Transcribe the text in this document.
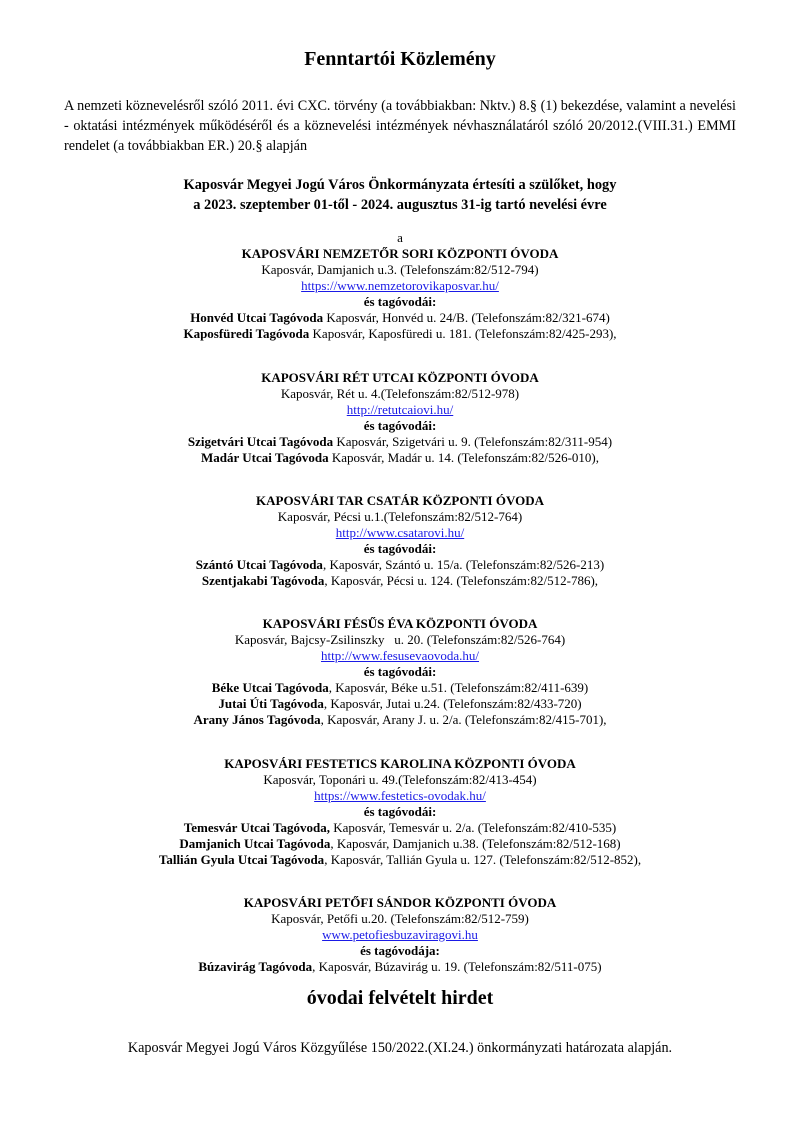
Fenntartói Közlemény

A nemzeti köznevelésről szóló 2011. évi CXC. törvény (a továbbiakban: Nktv.) 8.§ (1) bekezdése, valamint a nevelési - oktatási intézmények működéséről és a köznevelési intézmények névhasználatáról szóló 20/2012.(VIII.31.) EMMI rendelet (a továbbiakban ER.) 20.§ alapján

Kaposvár Megyei Jogú Város Önkormányzata értesíti a szülőket, hogy
a 2023. szeptember 01-től - 2024. augusztus 31-ig tartó nevelési évre
a
KAPOSVÁRI NEMZETŐR SORI KÖZPONTI ÓVODA
Kaposvár, Damjanich u.3. (Telefonszám:82/512-794)
https://www.nemzetorovikaposvar.hu/
és tagóvodái:
Honvéd Utcai Tagóvoda Kaposvár, Honvéd u. 24/B. (Telefonszám:82/321-674)
Kaposfüredi Tagóvoda Kaposvár, Kaposfüredi u. 181. (Telefonszám:82/425-293),
KAPOSVÁRI RÉT UTCAI KÖZPONTI ÓVODA
Kaposvár, Rét u. 4.(Telefonszám:82/512-978)
http://retutcaiovi.hu/
és tagóvodái:
Szigetvári Utcai Tagóvoda Kaposvár, Szigetvári u. 9. (Telefonszám:82/311-954)
Madár Utcai Tagóvoda Kaposvár, Madár u. 14. (Telefonszám:82/526-010),
KAPOSVÁRI TAR CSATÁR KÖZPONTI ÓVODA
Kaposvár, Pécsi u.1.(Telefonszám:82/512-764)
http://www.csatarovi.hu/
és tagóvodái:
Szántó Utcai Tagóvoda, Kaposvár, Szántó u. 15/a. (Telefonszám:82/526-213)
Szentjakabi Tagóvoda, Kaposvár, Pécsi u. 124. (Telefonszám:82/512-786),
KAPOSVÁRI FÉSŰS ÉVA KÖZPONTI ÓVODA
Kaposvár, Bajcsy-Zsilinszky   u. 20. (Telefonszám:82/526-764)
http://www.fesusevaovoda.hu/
és tagóvodái:
Béke Utcai Tagóvoda, Kaposvár, Béke u.51. (Telefonszám:82/411-639)
Jutai Úti Tagóvoda, Kaposvár, Jutai u.24. (Telefonszám:82/433-720)
Arany János Tagóvoda, Kaposvár, Arany J. u. 2/a. (Telefonszám:82/415-701),
KAPOSVÁRI FESTETICS KAROLINA KÖZPONTI ÓVODA
Kaposvár, Toponári u. 49.(Telefonszám:82/413-454)
https://www.festetics-ovodak.hu/
és tagóvodái:
Temesvár Utcai Tagóvoda, Kaposvár, Temesvár u. 2/a. (Telefonszám:82/410-535)
Damjanich Utcai Tagóvoda, Kaposvár, Damjanich u.38. (Telefonszám:82/512-168)
Tallián Gyula Utcai Tagóvoda, Kaposvár, Tallián Gyula u. 127. (Telefonszám:82/512-852),
KAPOSVÁRI PETŐFI SÁNDOR KÖZPONTI ÓVODA
Kaposvár, Petőfi u.20. (Telefonszám:82/512-759)
www.petofiesbuzaviragovi.hu
és tagóvodája:
Búzavirág Tagóvoda, Kaposvár, Búzavirág u. 19. (Telefonszám:82/511-075)
óvodai felvételt hirdet

Kaposvár Megyei Jogú Város Közgyűlése 150/2022.(XI.24.) önkormányzati határozata alapján.
